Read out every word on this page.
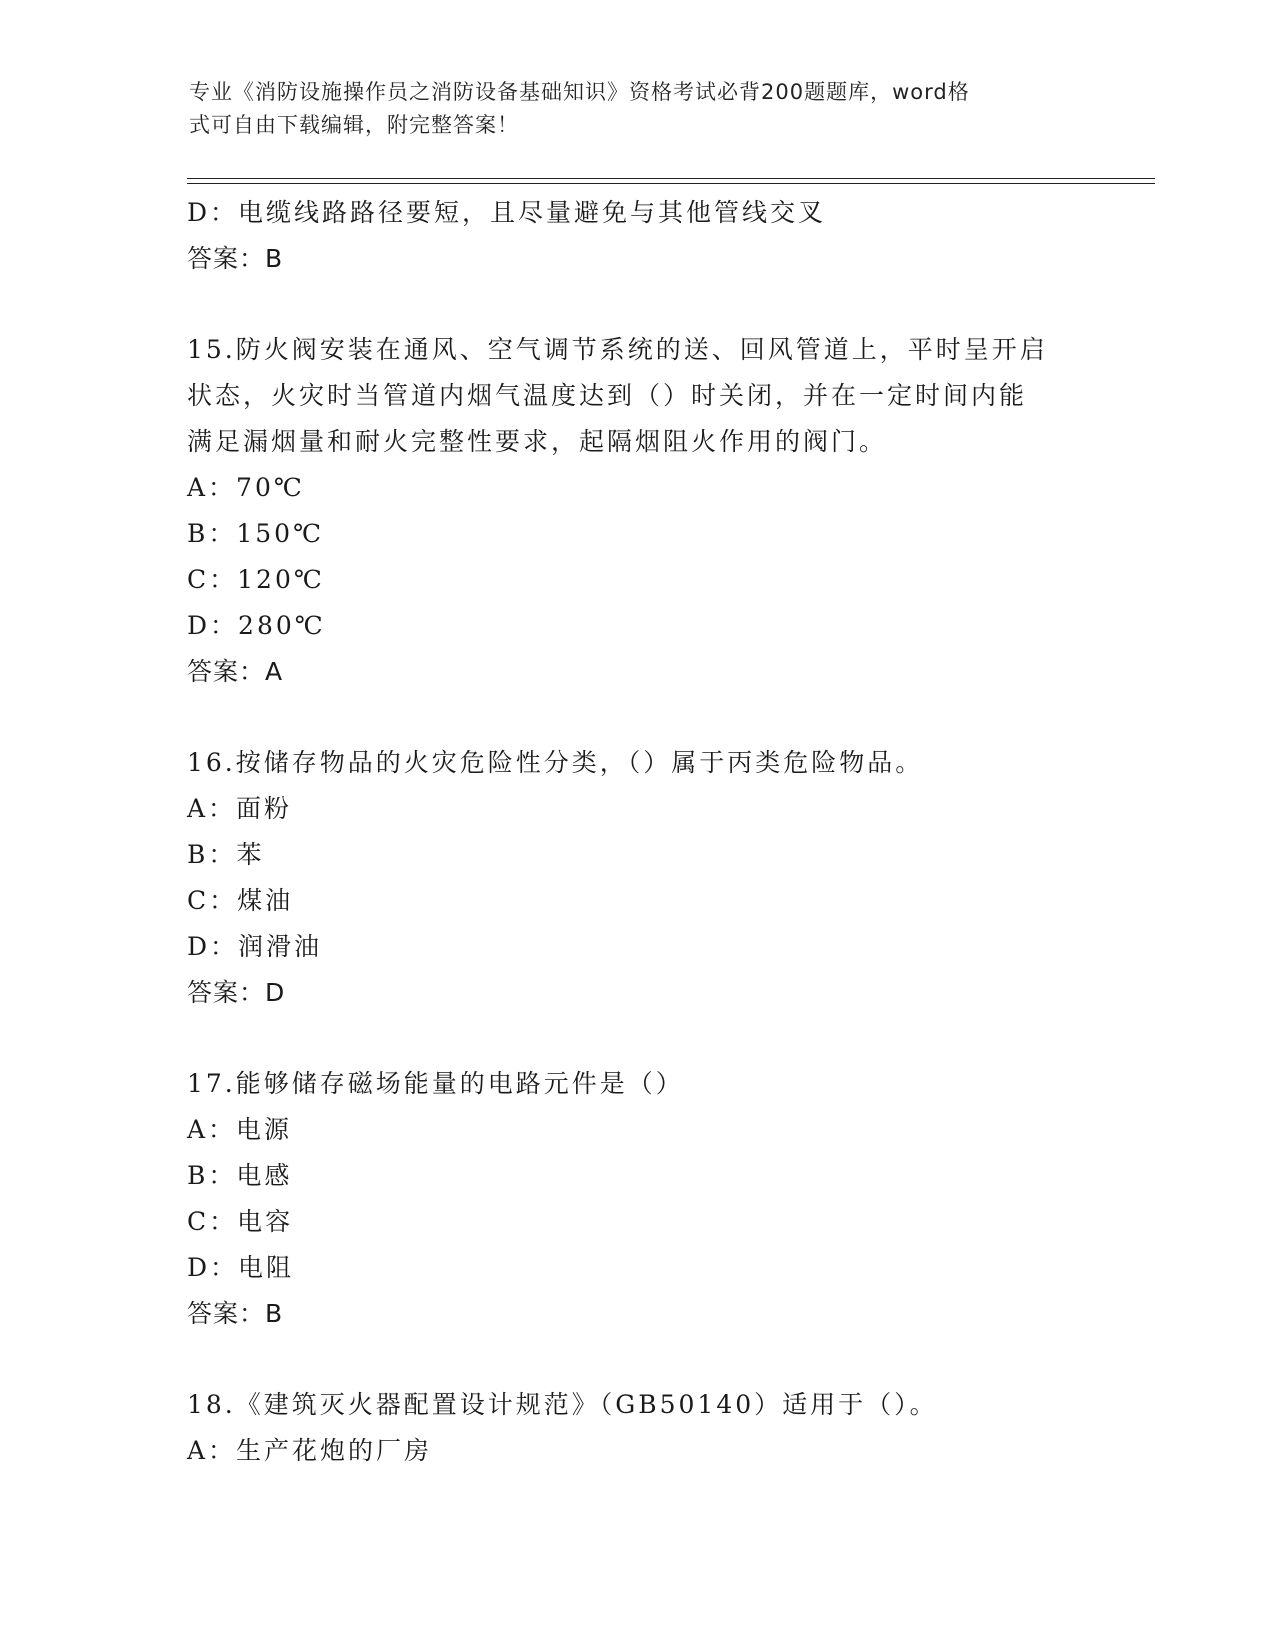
专业《消防设施操作员之消防设备基础知识》资格考试必背200题题库，word格
式可自由下载编辑，附完整答案！
D：电缆线路路径要短，且尽量避免与其他管线交叉
答案：B
15.防火阀安装在通风、空气调节系统的送、回风管道上，平时呈开启
状态，火灾时当管道内烟气温度达到（）时关闭，并在一定时间内能
满足漏烟量和耐火完整性要求，起隔烟阻火作用的阀门。
A：70℃
B：150℃
C：120℃
D：280℃
答案：A
16.按储存物品的火灾危险性分类，（）属于丙类危险物品。
A：面粉
B：苯
C：煤油
D：润滑油
答案：D
17.能够储存磁场能量的电路元件是（）
A：电源
B：电感
C：电容
D：电阻
答案：B
18.《建筑灭火器配置设计规范》（GB50140）适用于（）。
A：生产花炮的厂房
